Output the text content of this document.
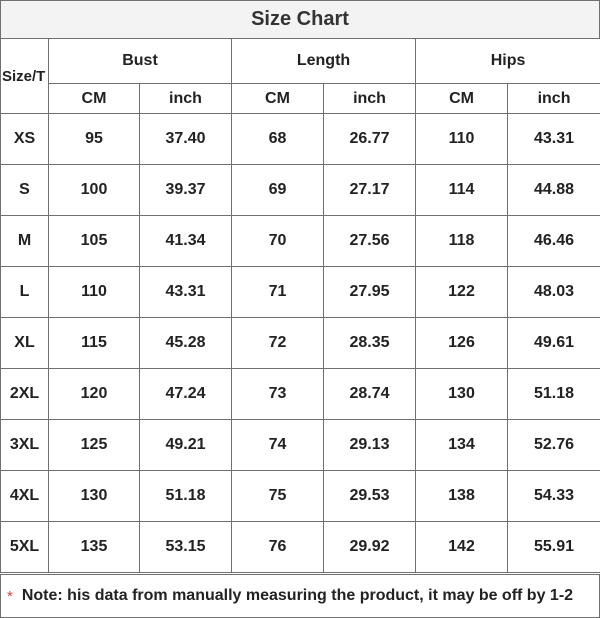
Size Chart
Size/T	Bust		Length		Hips	
	CM	inch	CM	inch	CM	inch
XS	95	37.40	68	26.77	110	43.31
S	100	39.37	69	27.17	114	44.88
M	105	41.34	70	27.56	118	46.46
L	110	43.31	71	27.95	122	48.03
XL	115	45.28	72	28.35	126	49.61
2XL	120	47.24	73	28.74	130	51.18
3XL	125	49.21	74	29.13	134	52.76
4XL	130	51.18	75	29.53	138	54.33
5XL	135	53.15	76	29.92	142	55.91
* Note: his data from manually measuring the product, it may be off by 1-2
